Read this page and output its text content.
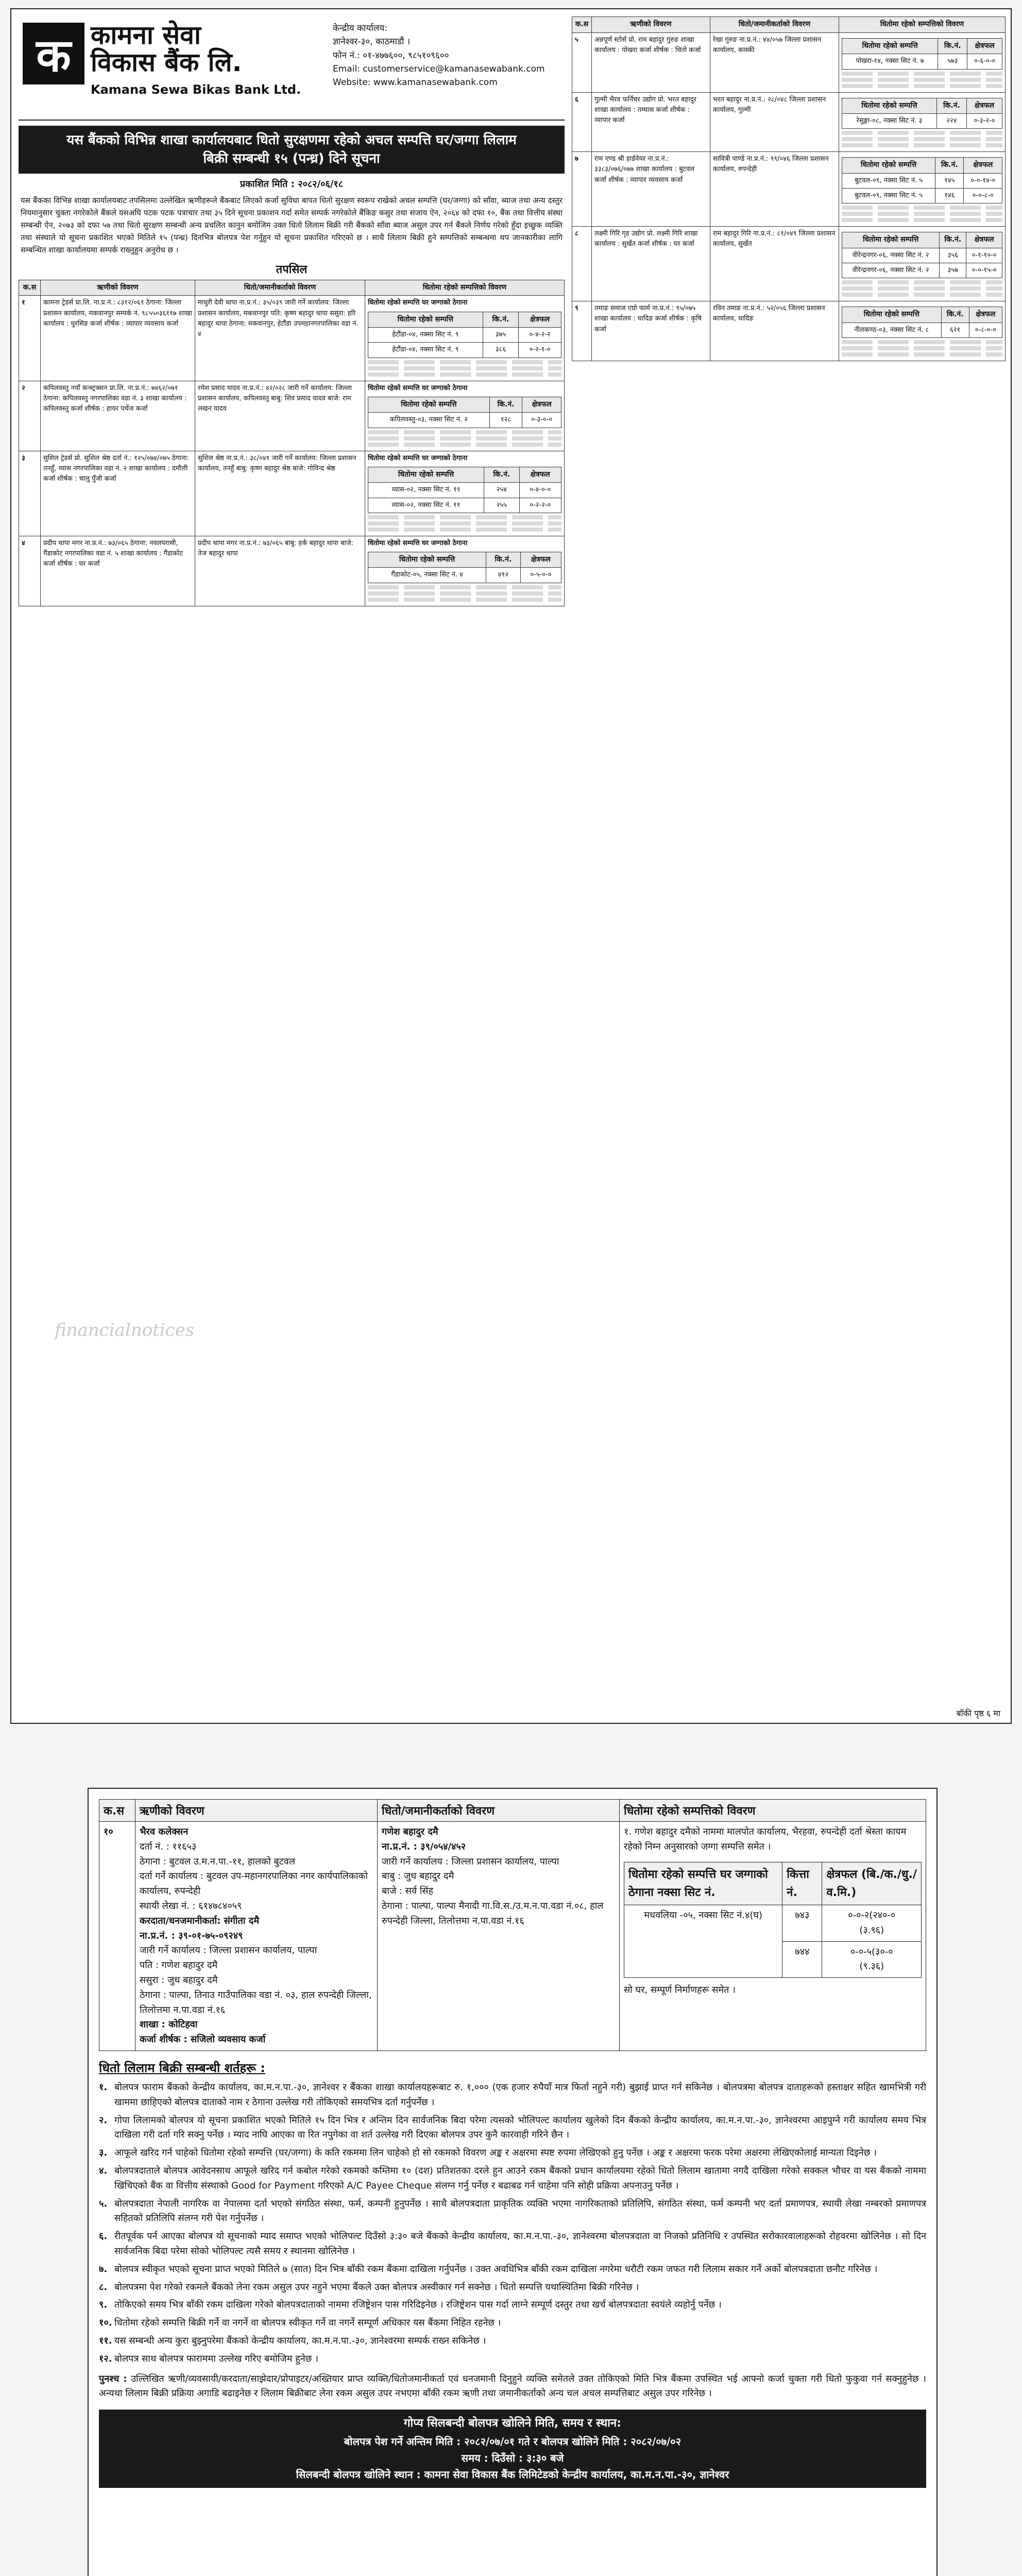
क कामना सेवा
विकास बैंक लि.
Kamana Sewa Bikas Bank Ltd.
केन्द्रीय कार्यालय:
ज्ञानेश्वर-३०, काठमाडौं ।
फोन नं.: ०१-४७७६००, ९८५१०९६००
Email: customerservice@kamanasewabank.com
Website: www.kamanasewabank.com
यस बैंकको विभिन्न शाखा कार्यालयबाट धितो सुरक्षणमा रहेको अचल सम्पत्ति घर/जग्गा लिलाम
बिक्री सम्बन्धी १५ (पन्ध्र) दिने सूचना
प्रकाशित मिति : २०८२/०६/१८
यस बैंकका विभिन्न शाखा कार्यालयबाट तपसिलमा उल्लेखित ऋणीहरूले बैंकबाट लिएको कर्जा सुविधा बापत धितो सुरक्षण स्वरूप राखेको अचल सम्पत्ति (घर/जग्गा) को साँवा, ब्याज तथा अन्य दस्तुर नियमानुसार चुक्ता नगरेकोले बैंकले यसअघि पटक पटक पत्राचार तथा ३५ दिने सूचना प्रकाशन गर्दा समेत सम्पर्क नगरेकोले बैंकिङ कसुर तथा सजाय ऐन, २०६४ को दफा १०, बैंक तथा वित्तीय संस्था सम्बन्धी ऐन, २०७३ को दफा ५७ तथा धितो सुरक्षण सम्बन्धी अन्य प्रचलित कानुन बमोजिम उक्त धितो लिलाम बिक्री गरी बैंकको साँवा ब्याज असुल उपर गर्न बैंकले निर्णय गरेको हुँदा इच्छुक व्यक्ति तथा संस्थाले यो सूचना प्रकाशित भएको मितिले १५ (पन्ध्र) दिनभित्र बोलपत्र पेश गर्नुहुन यो सूचना प्रकाशित गरिएको छ । साथै लिलाम बिक्री हुने सम्पत्तिको सम्बन्धमा थप जानकारीका लागि सम्बन्धित शाखा कार्यालयमा सम्पर्क राख्नुहुन अनुरोध छ ।
तपसिल
क.स	ऋणीको विवरण	धितो/जमानीकर्ताको विवरण	धितोमा रहेको सम्पत्तिको विवरण
१	कामना ट्रेडर्स प्रा.लि. ना.प्र.नं.: ८३१२/०६९ ठेगाना: जिल्ला प्रशासन कार्यालय, मकवानपुर सम्पर्क नं. ९८५५०३६११७ शाखा कार्यालय : धुरसिङ कर्जा शीर्षक : व्यापार व्यवसाय कर्जा	माधुरी देवी थापा ना.प्र.नं.: ३५/०३९ जारी गर्ने कार्यालय: जिल्ला प्रशासन कार्यालय, मकवानपुर पति: कृष्ण बहादुर थापा ससुरा: हरि बहादुर थापा ठेगाना: मकवानपुर, हेटौंडा उपमहानगरपालिका वडा नं. ४	
धितोमा रहेको सम्पत्ति घर जग्गाको ठेगाना
धितोमा रहेको सम्पत्ति	कि.नं.	क्षेत्रफल
हेटौंडा-०४, नक्सा सिट नं. ९	३७५	०-४-२-२
हेटौंडा-०४, नक्सा सिट नं. ९	३८६	०-२-१-०

२	कपिलवस्तु नयाँ कन्स्ट्रक्सन प्रा.लि. ना.प्र.नं.: ७४६२/०७१ ठेगाना: कपिलवस्तु नगरपालिका वडा नं. ३ शाखा कार्यालय : कपिलवस्तु कर्जा शीर्षक : हायर पर्चेज कर्जा	रमेश प्रसाद यादव ना.प्र.नं.: ४२/०२८ जारी गर्ने कार्यालय: जिल्ला प्रशासन कार्यालय, कपिलवस्तु बाबु: शिव प्रसाद यादव बाजे: राम लखन यादव	
धितोमा रहेको सम्पत्ति घर जग्गाको ठेगाना
धितोमा रहेको सम्पत्ति	कि.नं.	क्षेत्रफल
कपिलवस्तु-०३, नक्सा सिट नं. २	१२८	०-३-०-०

३	सुशिल ट्रेडर्स प्रो. सुशिल श्रेष्ठ दर्ता नं.: १२५/०७४/०७५ ठेगाना: तनहुँ, व्यास नगरपालिका वडा नं. २ शाखा कार्यालय : दमौली कर्जा शीर्षक : चालु पुँजी कर्जा	सुशिल श्रेष्ठ ना.प्र.नं.: ३८/०४१ जारी गर्ने कार्यालय: जिल्ला प्रशासन कार्यालय, तनहुँ बाबु: कृष्ण बहादुर श्रेष्ठ बाजे: गोविन्द श्रेष्ठ	
धितोमा रहेको सम्पत्ति घर जग्गाको ठेगाना
धितोमा रहेको सम्पत्ति	कि.नं.	क्षेत्रफल
व्यास-०२, नक्सा सिट नं. ११	२५४	०-४-०-०
व्यास-०२, नक्सा सिट नं. ११	२५५	०-२-२-०

४	प्रदीप थापा मगर ना.प्र.नं.: ७३/०६५ ठेगाना: नवलपरासी, गैंडाकोट नगरपालिका वडा नं. ५ शाखा कार्यालय : गैंडाकोट कर्जा शीर्षक : घर कर्जा	प्रदीप थापा मगर ना.प्र.नं.: ७३/०६५ बाबु: हर्क बहादुर थापा बाजे: तेज बहादुर थापा	
धितोमा रहेको सम्पत्ति घर जग्गाको ठेगाना
धितोमा रहेको सम्पत्ति	कि.नं.	क्षेत्रफल
गैंडाकोट-०५, नक्सा सिट नं. ४	४१२	०-५-०-०
financialnotices
क.स	ऋणीको विवरण	धितो/जमानीकर्ताको विवरण	धितोमा रहेको सम्पत्तिको विवरण
५	अन्नपूर्ण स्टोर्स प्रो. राम बहादुर गुरुङ शाखा कार्यालय : पोखरा कर्जा शीर्षक : धितो कर्जा	रेखा गुरुङ ना.प्र.नं.: ४४/०५७ जिल्ला प्रशासन कार्यालय, कास्की	
धितोमा रहेको सम्पत्ति	कि.नं.	क्षेत्रफल
पोखरा-१४, नक्सा सिट नं. ७	५७३	०-६-०-०

६	गुल्मी भैरव फर्निचर उद्योग प्रो. भरत बहादुर शाखा कार्यालय : तम्घास कर्जा शीर्षक : व्यापार कर्जा	भरत बहादुर ना.प्र.नं.: २८/०४८ जिल्ला प्रशासन कार्यालय, गुल्मी	
धितोमा रहेको सम्पत्ति	कि.नं.	क्षेत्रफल
रेसुङ्गा-०८, नक्सा सिट नं. ३	२२४	०-३-२-०

७	राम एण्ड श्री हार्डवेयर ना.प्र.नं.: ३३८३/०७६/०७७ शाखा कार्यालय : बुटवल कर्जा शीर्षक : व्यापार व्यवसाय कर्जा	सावित्री पाण्डे ना.प्र.नं.: ९९/०४६ जिल्ला प्रशासन कार्यालय, रुपन्देही	
धितोमा रहेको सम्पत्ति	कि.नं.	क्षेत्रफल
बुटवल-०९, नक्सा सिट नं. ५	१४५	०-०-१४-०
बुटवल-०९, नक्सा सिट नं. ५	१४६	०-०-८-०

८	लक्ष्मी गिरि गृह उद्योग प्रो. लक्ष्मी गिरि शाखा कार्यालय : सुर्खेत कर्जा शीर्षक : घर कर्जा	राम बहादुर गिरि ना.प्र.नं.: ८१/०४९ जिल्ला प्रशासन कार्यालय, सुर्खेत	
धितोमा रहेको सम्पत्ति	कि.नं.	क्षेत्रफल
वीरेन्द्रनगर-०६, नक्सा सिट नं. २	३५६	०-१-१०-०
वीरेन्द्रनगर-०६, नक्सा सिट नं. २	३५७	०-०-१५-०

९	तमाङ समाज एग्रो फार्म ना.प्र.नं.: ९५/०७५ शाखा कार्यालय : धादिङ कर्जा शीर्षक : कृषि कर्जा	रविन तमाङ ना.प्र.नं.: ५२/०५६ जिल्ला प्रशासन कार्यालय, धादिङ	
धितोमा रहेको सम्पत्ति	कि.नं.	क्षेत्रफल
नीलकण्ठ-०३, नक्सा सिट नं. ८	६२१	०-८-०-०
बाँकी पृष्ठ ६ मा
क.स	ऋणीको विवरण	धितो/जमानीकर्ताको विवरण	धितोमा रहेको सम्पत्तिको विवरण
१०	भैरव कलेक्सन
दर्ता नं. : ११६५३
ठेगाना : बुटवल उ.म.न.पा.-११, हालको बुटवल
दर्ता गर्ने कार्यालय : बुटवल उप-महानगरपालिका नगर कार्यपालिकाको कार्यालय, रुपन्देही
स्थायी लेखा नं. : ६१४७८४०५९
करदाता/धनजमानीकर्ता: संगीता दमै
ना.प्र.नं. : ३९-०१-७५-०९२४९
जारी गर्ने कार्यालय : जिल्ला प्रशासन कार्यालय, पाल्पा
पति : गणेश बहादुर दमै
ससुरा : जुध बहादुर दमै
ठेगाना : पाल्पा, तिनाउ गाउँपालिका वडा नं. ०३, हाल रुपन्देही जिल्ला, तिलोत्तमा न.पा.वडा नं.१६
शाखा : कोटिहवा
कर्जा शीर्षक : सजिलो व्यवसाय कर्जा

गणेश बहादुर दमै
ना.प्र.नं. : ३९/०५४/४५२
जारी गर्ने कार्यालय : जिल्ला प्रशासन कार्यालय, पाल्पा
बाबु : जुध बहादुर दमै
बाजे : सर्व सिंह
ठेगाना : पाल्पा, पाल्पा मैनादी गा.वि.स./उ.म.न.पा.वडा नं.०८, हाल रुपन्देही जिल्ला, तिलोत्तमा न.पा.वडा नं.१६

१. गणेश बहादुर दमैको नाममा मालपोत कार्यालय, भैरहवा, रुपन्देही दर्ता श्रेस्ता कायम रहेको निम्न अनुसारको जग्गा सम्पत्ति समेत ।
धितोमा रहेको सम्पत्ति घर जग्गाको ठेगाना नक्सा सिट नं.	कित्ता नं.	क्षेत्रफल (बि./क./धु./व.मि.)
मधवलिया -०५, नक्सा सिट नं.४(घ)	७४३	०-०-२(२४०-०
(३.९६)

७४४	०-०-५(३०-०
(९.३६)
सो घर, सम्पूर्ण निर्माणहरू समेत ।
धितो लिलाम बिक्री सम्बन्धी शर्तहरू :
१. बोलपत्र फाराम बैंकको केन्द्रीय कार्यालय, का.म.न.पा.-३०, ज्ञानेश्वर र बैंकका शाखा कार्यालयहरूबाट रु. १,००० (एक हजार रुपैयाँ मात्र फिर्ता नहुने गरी) बुझाई प्राप्त गर्न सकिनेछ । बोलपत्रमा बोलपत्र दाताहरूको हस्ताक्षर सहित खामभित्री गरी खाममा छाहिएको बोलपत्र दाताको नाम र ठेगाना उल्लेख गरी तोकिएको समयभित्र दर्ता गर्नुपर्नेछ ।
२. गोपा लिलामको बोलपत्र यो सूचना प्रकाशित भएको मितिले १५ दिन भित्र र अन्तिम दिन सार्वजनिक बिदा परेमा त्यसको भोलिपल्ट कार्यालय खुलेको दिन बैंकको केन्द्रीय कार्यालय, का.म.न.पा.-३०, ज्ञानेश्वरमा आइपुग्ने गरी कार्यालय समय भित्र दाखिला गरी दर्ता गरि सक्नु पर्नेछ । म्याद नाघि आएका वा रित नपुगेका वा शर्त उल्लेख गरी दिएका बोलपत्र उपर कुनै कारवाही गरिने छैन ।
३. आफूले खरिद गर्न चाहेको धितोमा रहेको सम्पत्ति (घर/जग्गा) के कति रकममा लिन चाहेको हो सो रकमको विवरण अङ्क र अक्षरमा स्पष्ट रुपमा लेखिएको हुनु पर्नेछ । अङ्क र अक्षरमा फरक परेमा अक्षरमा लेखिएकोलाई मान्यता दिइनेछ ।
४. बोलपत्रदाताले बोलपत्र आवेदनसाथ आफूले खरिद गर्न कबोल गरेको रकमको कम्तिमा १० (दश) प्रतिशतका दरले हुन आउने रकम बैंकको प्रधान कार्यालयमा रहेको धितो लिलाम खातामा नगदै दाखिला गरेको सक्कल भौचर वा यस बैंकको नाममा खिचिएको बैंक वा वित्तीय संस्थाको Good for Payment गरिएको A/C Payee Cheque संलग्न गर्नु पर्नेछ र बढाबढ गर्न चाहेमा पनि सोही प्रक्रिया अपनाउनु पर्नेछ ।
५. बोलपत्रदाता नेपाली नागरिक वा नेपालमा दर्ता भएको संगठित संस्था, फर्म, कम्पनी हुनुपर्नेछ । साथै बोलपत्रदाता प्राकृतिक व्यक्ति भएमा नागरिकताको प्रतिलिपि, संगठित संस्था, फर्म कम्पनी भए दर्ता प्रमाणपत्र, स्थायी लेखा नम्बरको प्रमाणपत्र सहितको प्रतिलिपि संलग्न गरी पेश गर्नुपर्नेछ ।
६. रीतपूर्वक पर्न आएका बोलपत्र यो सूचनाको म्याद समाप्त भएको भोलिपल्ट दिउँसो ३:३० बजे बैंकको केन्द्रीय कार्यालय, का.म.न.पा.-३०, ज्ञानेश्वरमा बोलपत्रदाता वा निजको प्रतिनिधि र उपस्थित सरोकारवालाहरूको रोहवरमा खोलिनेछ । सो दिन सार्वजनिक बिदा परेमा सोको भोलिपल्ट त्यसै समय र स्थानमा खोलिनेछ ।
७. बोलपत्र स्वीकृत भएको सूचना प्राप्त भएको मितिले ७ (सात) दिन भित्र बाँकी रकम बैंकमा दाखिला गर्नुपर्नेछ । उक्त अवधिभित्र बाँकी रकम दाखिला नगरेमा धरौटी रकम जफत गरी लिलाम सकार गर्ने अर्को बोलपत्रदाता छनौट गरिनेछ ।
८. बोलपत्रमा पेश गरेको रकमले बैंकको लेना रकम असुल उपर नहुने भएमा बैंकले उक्त बोलपत्र अस्वीकार गर्न सक्नेछ । धितो सम्पत्ति यथास्थितिमा बिक्री गरिनेछ ।
९. तोकिएको समय भित्र बाँकी रकम दाखिला गरेको बोलपत्रदाताको नाममा रजिष्ट्रेशन पास गरिदिइनेछ । रजिष्ट्रेशन पास गर्दा लाग्ने सम्पूर्ण दस्तुर तथा खर्च बोलपत्रदाता स्वयंले व्यहोर्नु पर्नेछ ।
१०. धितोमा रहेको सम्पत्ति बिक्री गर्ने वा नगर्ने वा बोलपत्र स्वीकृत गर्ने वा नगर्ने सम्पूर्ण अधिकार यस बैंकमा निहित रहनेछ ।
११. यस सम्बन्धी अन्य कुरा बुझ्नुपरेमा बैंकको केन्द्रीय कार्यालय, का.म.न.पा.-३०, ज्ञानेश्वरमा सम्पर्क राख्न सकिनेछ ।
१२. बोलपत्र साथ बोलपत्र फाराममा उल्लेख गरिए बमोजिम हुनेछ ।
पुनश्च : उल्लिखित ऋणी/व्यवसायी/करदाता/साझेदार/प्रोपाइटर/अख्तियार प्राप्त व्यक्ति/धितोजमानीकर्ता एवं धनजमानी दिनुहुने व्यक्ति समेतले उक्त तोकिएको मिति भित्र बैंकमा उपस्थित भई आफ्नो कर्जा चुक्ता गरी धितो फुकुवा गर्न सक्नुहुनेछ । अन्यथा लिलाम बिक्री प्रक्रिया अगाडि बढाइनेछ र लिलाम बिक्रीबाट लेना रकम असुल उपर नभएमा बाँकी रकम ऋणी तथा जमानीकर्ताको अन्य चल अचल सम्पत्तिबाट असुल उपर गरिनेछ ।
गोप्य सिलबन्दी बोलपत्र खोलिने मिति, समय र स्थान:
बोलपत्र पेश गर्ने अन्तिम मिति : २०८२/०७/०१ गते र बोलपत्र खोलिने मिति : २०८२/०७/०२
समय : दिउँसो : ३:३० बजे
सिलबन्दी बोलपत्र खोलिने स्थान : कामना सेवा विकास बैंक लिमिटेडको केन्द्रीय कार्यालय, का.म.न.पा.-३०, ज्ञानेश्वर
